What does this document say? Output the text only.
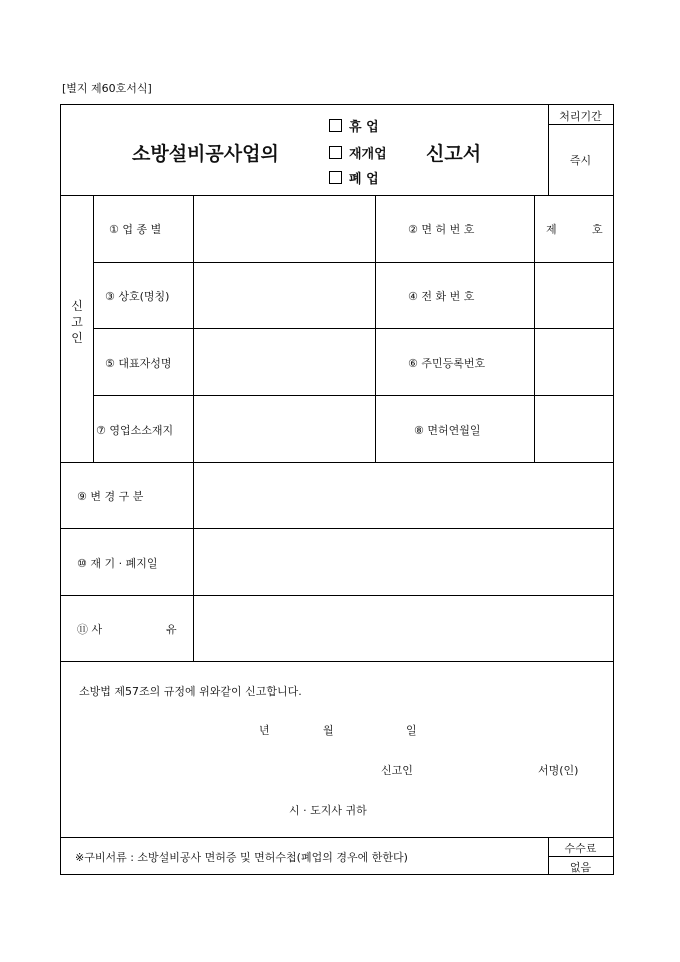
[별지 제60호서식]
소방설비공사업의
휴 업
재개업
폐 업
신고서
처리기간
즉시
신
고
인
① 업 종 별	② 면 허 번 호	제	호
③ 상호(명칭)	④ 전 화 번 호
⑤ 대표자성명	⑥ 주민등록번호
⑦ 영업소소재지	⑧ 면허연월일
⑨ 변 경 구 분
⑩ 재 기 · 폐지일
⑪ 사	유
소방법 제57조의 규정에 위와같이 신고합니다.
년	월	일
신고인	서명(인)
시 · 도지사 귀하
※구비서류 : 소방설비공사 면허증 및 면허수첩(폐업의 경우에 한한다)
수수료
없음
